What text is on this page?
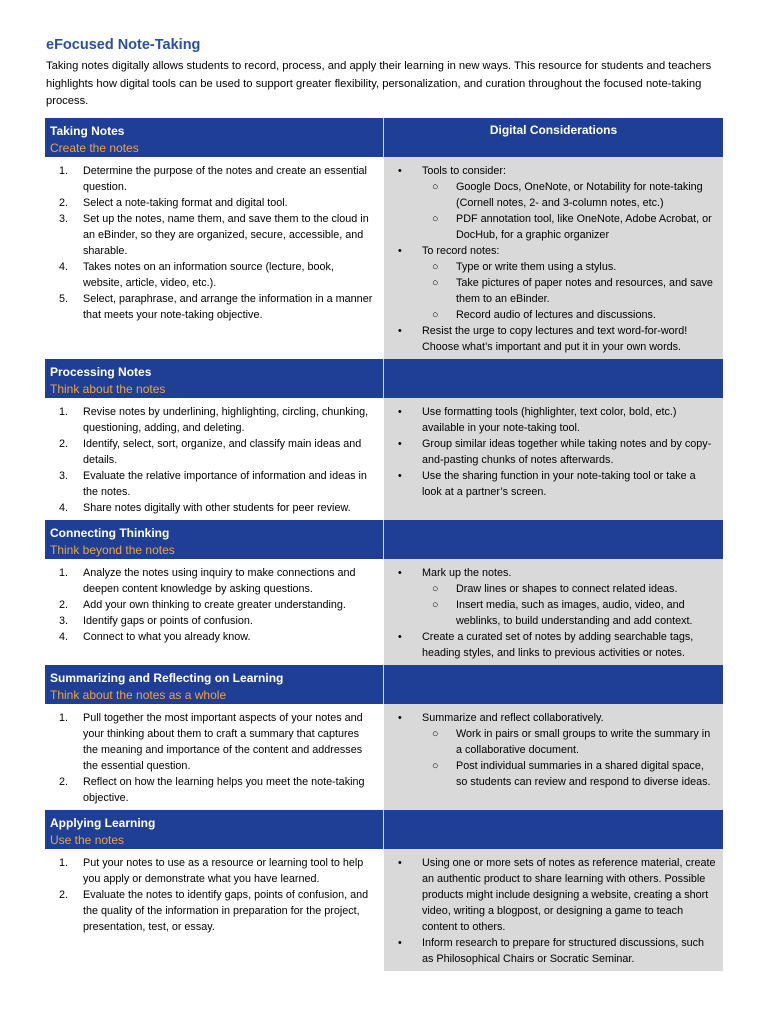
eFocused Note-Taking
Taking notes digitally allows students to record, process, and apply their learning in new ways. This resource for students and teachers highlights how digital tools can be used to support greater flexibility, personalization, and curation throughout the focused note-taking process.
Taking Notes
Create the notes
Digital Considerations
1.	Determine the purpose of the notes and create an essential question.
2.	Select a note-taking format and digital tool.
3.	Set up the notes, name them, and save them to the cloud in an eBinder, so they are organized, secure, accessible, and sharable.
4.	Takes notes on an information source (lecture, book, website, article, video, etc.).
5.	Select, paraphrase, and arrange the information in a manner that meets your note-taking objective.
•	Tools to consider:
○	Google Docs, OneNote, or Notability for note-taking (Cornell notes, 2- and 3-column notes, etc.)
○	PDF annotation tool, like OneNote, Adobe Acrobat, or DocHub, for a graphic organizer
•	To record notes:
○	Type or write them using a stylus.
○	Take pictures of paper notes and resources, and save them to an eBinder.
○	Record audio of lectures and discussions.
•	Resist the urge to copy lectures and text word-for-word! Choose what’s important and put it in your own words.
Processing Notes
Think about the notes
1.	Revise notes by underlining, highlighting, circling, chunking, questioning, adding, and deleting.
2.	Identify, select, sort, organize, and classify main ideas and details.
3.	Evaluate the relative importance of information and ideas in the notes.
4.	Share notes digitally with other students for peer review.
•	Use formatting tools (highlighter, text color, bold, etc.) available in your note-taking tool.
•	Group similar ideas together while taking notes and by copy-and-pasting chunks of notes afterwards.
•	Use the sharing function in your note-taking tool or take a look at a partner’s screen.
Connecting Thinking
Think beyond the notes
1.	Analyze the notes using inquiry to make connections and deepen content knowledge by asking questions.
2.	Add your own thinking to create greater understanding.
3.	Identify gaps or points of confusion.
4.	Connect to what you already know.
•	Mark up the notes.
○	Draw lines or shapes to connect related ideas.
○	Insert media, such as images, audio, video, and weblinks, to build understanding and add context.
•	Create a curated set of notes by adding searchable tags, heading styles, and links to previous activities or notes.
Summarizing and Reflecting on Learning
Think about the notes as a whole
1.	Pull together the most important aspects of your notes and your thinking about them to craft a summary that captures the meaning and importance of the content and addresses the essential question.
2.	Reflect on how the learning helps you meet the note-taking objective.
•	Summarize and reflect collaboratively.
○	Work in pairs or small groups to write the summary in a collaborative document.
○	Post individual summaries in a shared digital space, so students can review and respond to diverse ideas.
Applying Learning
Use the notes
1.	Put your notes to use as a resource or learning tool to help you apply or demonstrate what you have learned.
2.	Evaluate the notes to identify gaps, points of confusion, and the quality of the information in preparation for the project, presentation, test, or essay.
•	Using one or more sets of notes as reference material, create an authentic product to share learning with others. Possible products might include designing a website, creating a short video, writing a blogpost, or designing a game to teach content to others.
•	Inform research to prepare for structured discussions, such as Philosophical Chairs or Socratic Seminar.
